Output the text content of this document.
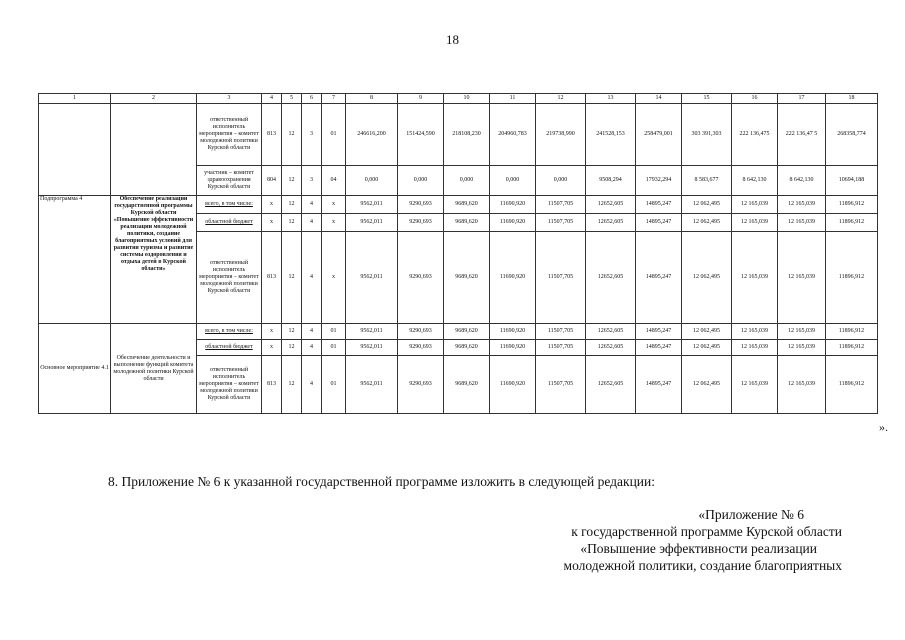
18
1	2	3	4	5	6	7	8	9	10	11	12	13	14	15	16	17	18
		ответственный исполнитель мероприятия – комитет молодежной политики Курской области	813	12	3	01	246616,200	151424,590	218108,230	204960,783	219738,990	241528,153	258479,001	303 391,303	222 136,475	222 136,47 5	268358,774
		участник – комитет здравоохранения Курской области	804	12	3	04	0,000	0,000	0,000	0,000	0,000	9508,294	17932,294	8 583,677	8 642,130	8 642,130	10694,188
Подпрограмма 4	Обеспечение реализации государственной программы Курской области «Повышение эффективности реализации молодежной политики, создание благоприятных условий для развития туризма и развитие системы оздоровления и отдыха детей в Курской области»	всего, в том числе:	х	12	4	х	9562,011	9290,693	9689,620	11690,920	11507,705	12652,605	14895,247	12 062,495	12 165,039	12 165,039	11896,912
		областной бюджет	х	12	4	х	9562,011	9290,693	9689,620	11690,920	11507,705	12652,605	14895,247	12 062,495	12 165,039	12 165,039	11896,912
		ответственный исполнитель мероприятия – комитет молодежной политики Курской области	813	12	4	х	9562,011	9290,693	9689,620	11690,920	11507,705	12652,605	14895,247	12 062,495	12 165,039	12 165,039	11896,912
Основное мероприятие 4.1	Обеспечение деятельности и выполнение функций комитета молодежной политики Курской области	всего, в том числе:	х	12	4	01	9562,011	9290,693	9689,620	11690,920	11507,705	12652,605	14895,247	12 062,495	12 165,039	12 165,039	11896,912
		областной бюджет	х	12	4	01	9562,011	9290,693	9689,620	11690,920	11507,705	12652,605	14895,247	12 062,495	12 165,039	12 165,039	11896,912
		ответственный исполнитель мероприятия – комитет молодежной политики Курской области	813	12	4	01	9562,011	9290,693	9689,620	11690,920	11507,705	12652,605	14895,247	12 062,495	12 165,039	12 165,039	11896,912
».
8. Приложение № 6 к указанной государственной программе изложить в следующей редакции:
«Приложение № 6
к государственной программе Курской области
«Повышение эффективности реализации
молодежной политики, создание благоприятных
